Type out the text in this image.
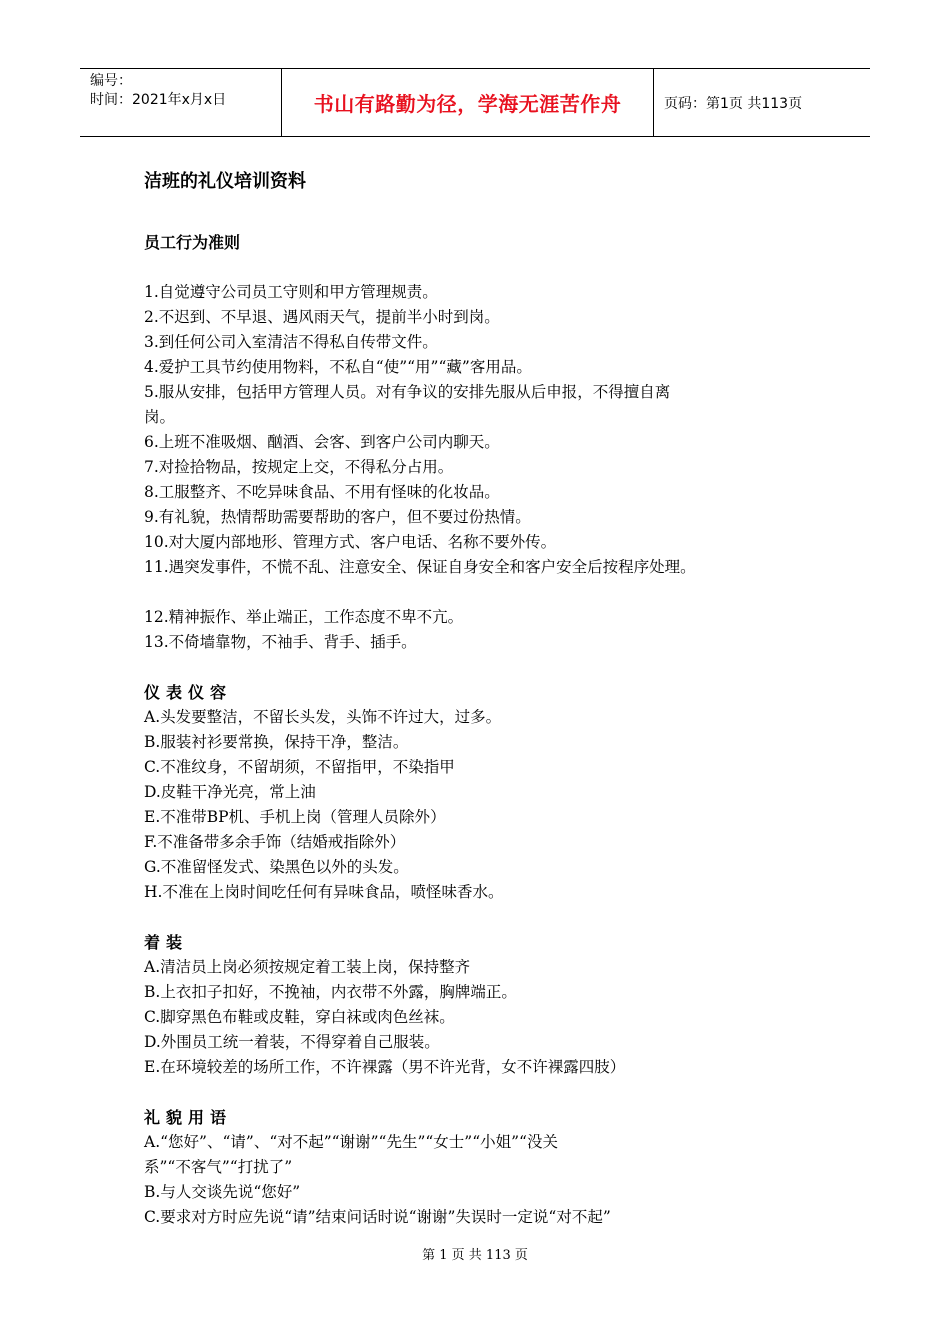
编号：
时间：2021年x月x日	书山有路勤为径，学海无涯苦作舟	页码：第1页 共113页
洁班的礼仪培训资料
员工行为准则

1.自觉遵守公司员工守则和甲方管理规责。

2.不迟到、不早退、遇风雨天气，提前半小时到岗。

3.到任何公司入室清洁不得私自传带文件。

4.爱护工具节约使用物料，不私自“使”“用”“藏”客用品。

5.服从安排，包括甲方管理人员。对有争议的安排先服从后申报，不得擅自离

岗。

6.上班不准吸烟、酗酒、会客、到客户公司内聊天。

7.对捡拾物品，按规定上交，不得私分占用。

8.工服整齐、不吃异味食品、不用有怪味的化妆品。

9.有礼貌，热情帮助需要帮助的客户，但不要过份热情。

10.对大厦内部地形、管理方式、客户电话、名称不要外传。

11.遇突发事件，不慌不乱、注意安全、保证自身安全和客户安全后按程序处理。

12.精神振作、举止端正，工作态度不卑不亢。

13.不倚墙靠物，不袖手、背手、插手。

仪表仪容

A.头发要整洁，不留长头发，头饰不许过大，过多。

B.服装衬衫要常换，保持干净，整洁。

C.不准纹身，不留胡须，不留指甲，不染指甲

D.皮鞋干净光亮，常上油

E.不准带BP机、手机上岗（管理人员除外）

F.不准备带多余手饰（结婚戒指除外）

G.不准留怪发式、染黑色以外的头发。

H.不准在上岗时间吃任何有异味食品，喷怪味香水。

着装

A.清洁员上岗必须按规定着工装上岗，保持整齐

B.上衣扣子扣好，不挽袖，内衣带不外露，胸牌端正。

C.脚穿黑色布鞋或皮鞋，穿白袜或肉色丝袜。

D.外围员工统一着装，不得穿着自己服装。

E.在环境较差的场所工作，不许裸露（男不许光背，女不许裸露四肢）

礼貌用语

A.“您好”、“请”、“对不起”“谢谢”“先生”“女士”“小姐”“没关

系”“不客气”“打扰了”

B.与人交谈先说“您好”

C.要求对方时应先说“请”结束问话时说“谢谢”失误时一定说“对不起”

第 1 页 共 113 页
